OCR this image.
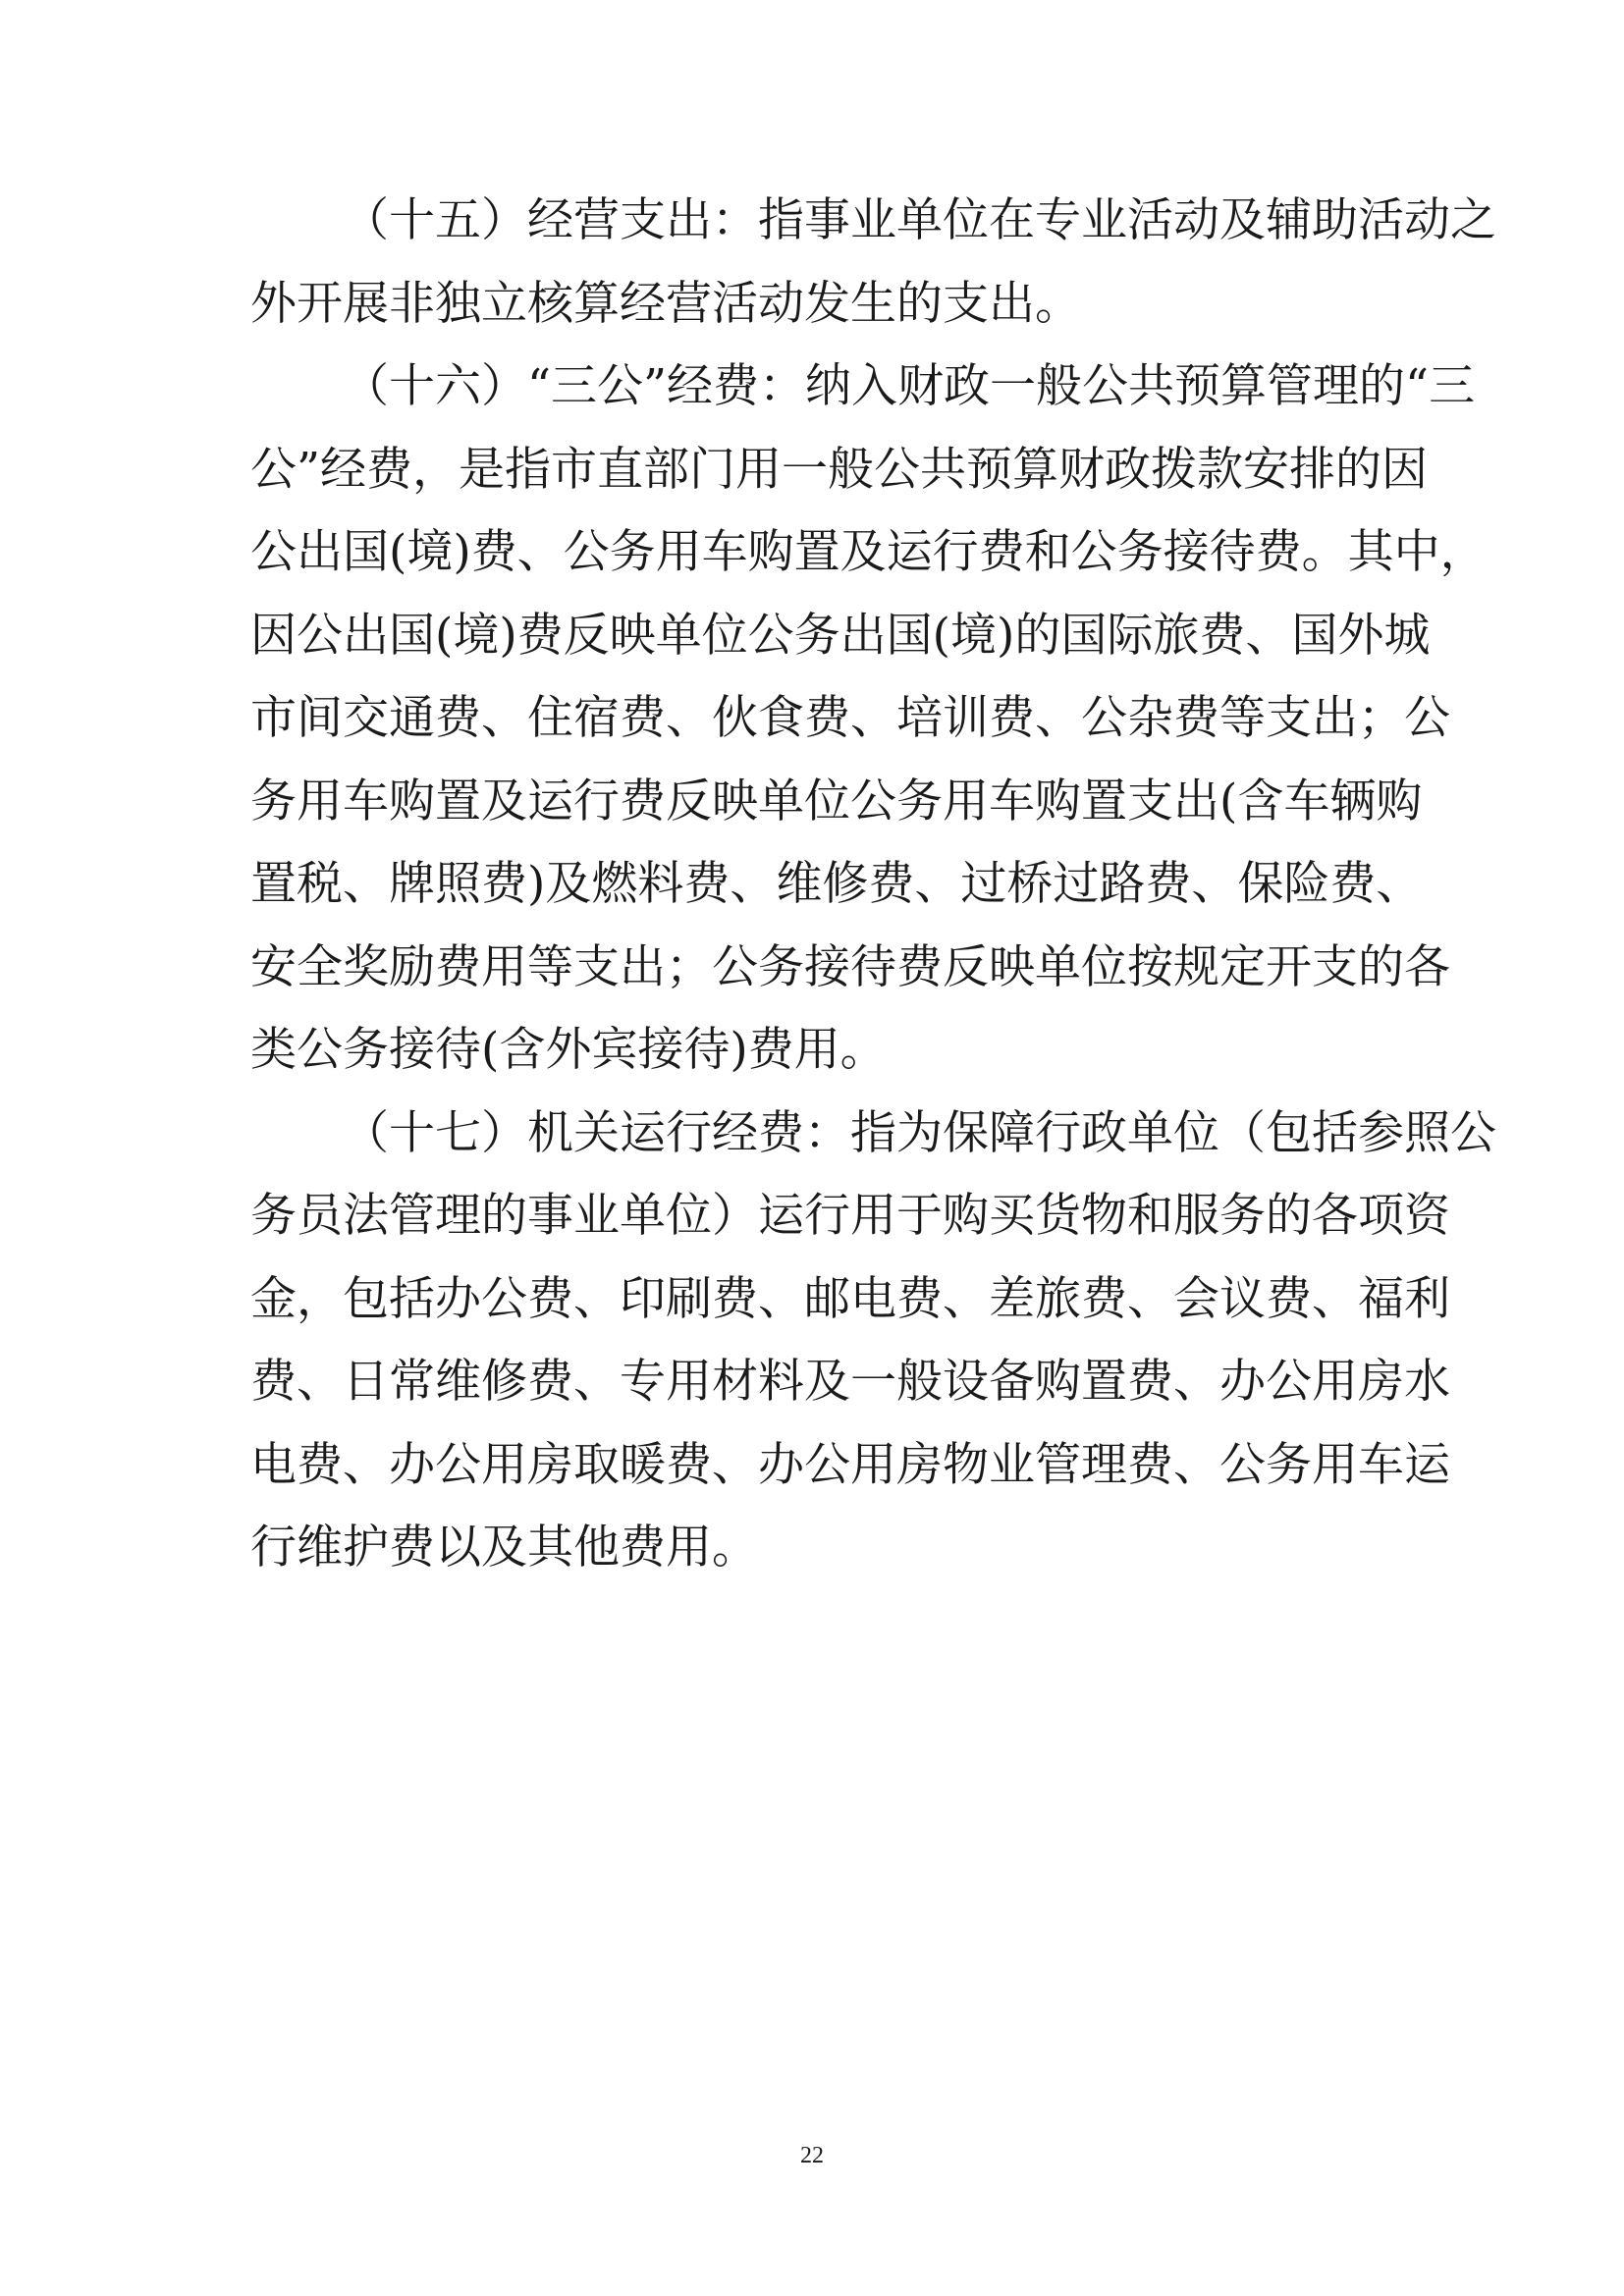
（十五）经营支出：指事业单位在专业活动及辅助活动之
外开展非独立核算经营活动发生的支出。
（十六）“三公”经费：纳入财政一般公共预算管理的“三
公”经费，是指市直部门用一般公共预算财政拨款安排的因
公出国(境)费、公务用车购置及运行费和公务接待费。其中，
因公出国(境)费反映单位公务出国(境)的国际旅费、国外城
市间交通费、住宿费、伙食费、培训费、公杂费等支出；公
务用车购置及运行费反映单位公务用车购置支出(含车辆购
置税、牌照费)及燃料费、维修费、过桥过路费、保险费、
安全奖励费用等支出；公务接待费反映单位按规定开支的各
类公务接待(含外宾接待)费用。
（十七）机关运行经费：指为保障行政单位（包括参照公
务员法管理的事业单位）运行用于购买货物和服务的各项资
金，包括办公费、印刷费、邮电费、差旅费、会议费、福利
费、日常维修费、专用材料及一般设备购置费、办公用房水
电费、办公用房取暖费、办公用房物业管理费、公务用车运
行维护费以及其他费用。
22
